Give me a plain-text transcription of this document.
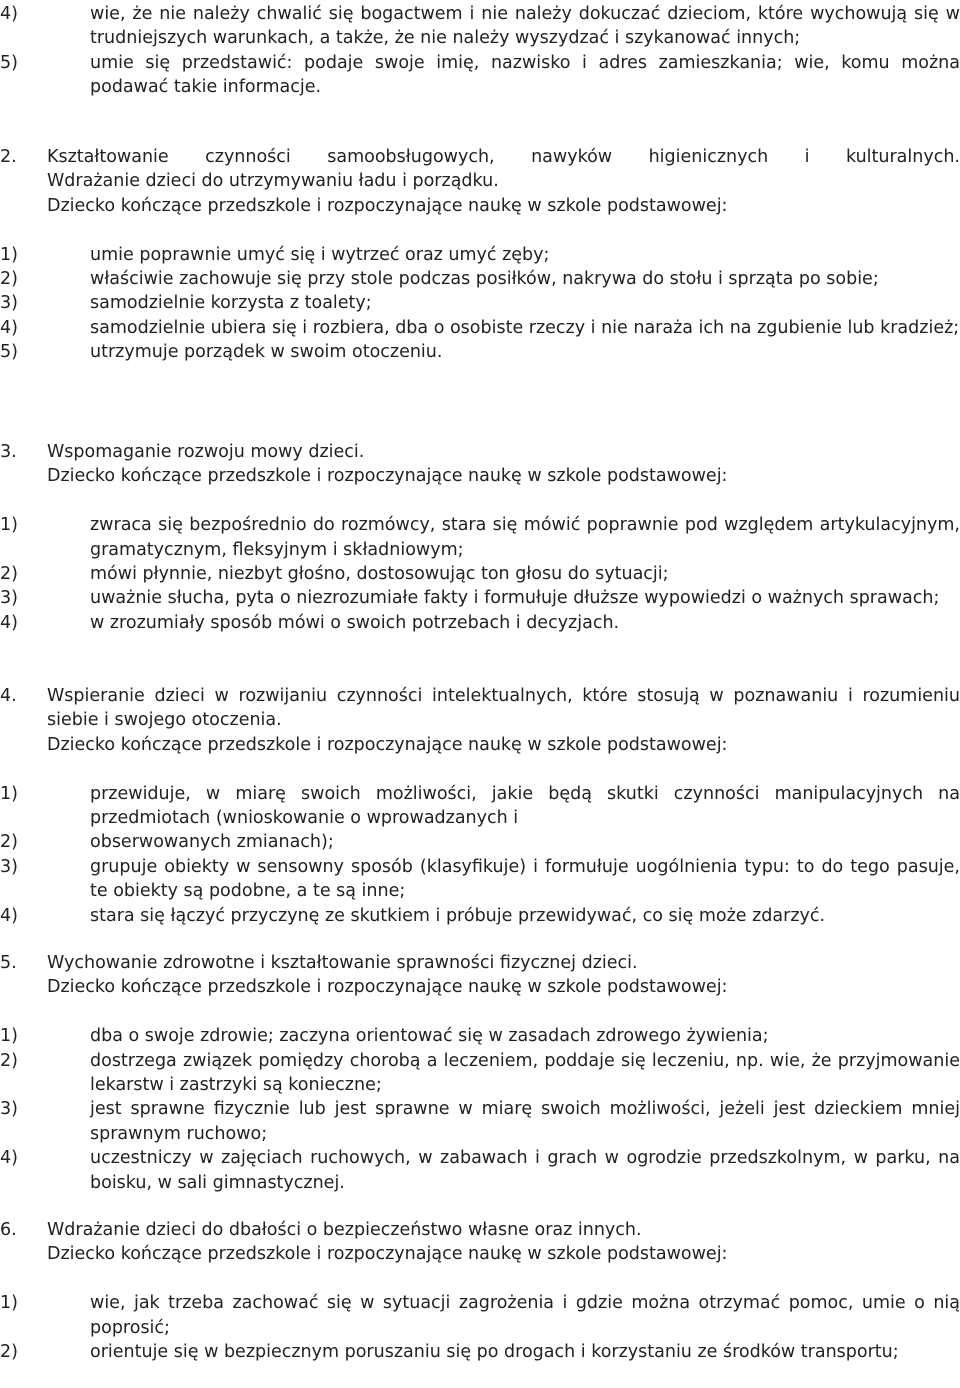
4)	wie, że nie należy chwalić się bogactwem i nie należy dokuczać dzieciom, które wychowują się w trudniejszych warunkach, a także, że nie należy wyszydzać i szykanować innych;
5)	umie się przedstawić: podaje swoje imię, nazwisko i adres zamieszkania; wie, komu można podawać takie informacje.
2. Kształtowanie czynności samoobsługowych, nawyków higienicznych i kulturalnych.
Wdrażanie dzieci do utrzymywaniu ładu i porządku.
Dziecko kończące przedszkole i rozpoczynające naukę w szkole podstawowej:
1)	umie poprawnie umyć się i wytrzeć oraz umyć zęby;
2)	właściwie zachowuje się przy stole podczas posiłków, nakrywa do stołu i sprząta po sobie;
3)	samodzielnie korzysta z toalety;
4)	samodzielnie ubiera się i rozbiera, dba o osobiste rzeczy i nie naraża ich na zgubienie lub kradzież;
5)	utrzymuje porządek w swoim otoczeniu.
3. Wspomaganie rozwoju mowy dzieci.
Dziecko kończące przedszkole i rozpoczynające naukę w szkole podstawowej:
1)	zwraca się bezpośrednio do rozmówcy, stara się mówić poprawnie pod względem artykulacyjnym, gramatycznym, fleksyjnym i składniowym;
2)	mówi płynnie, niezbyt głośno, dostosowując ton głosu do sytuacji;
3)	uważnie słucha, pyta o niezrozumiałe fakty i formułuje dłuższe wypowiedzi o ważnych sprawach;
4)	w zrozumiały sposób mówi o swoich potrzebach i decyzjach.
4. Wspieranie dzieci w rozwijaniu czynności intelektualnych, które stosują w poznawaniu i rozumieniu siebie i swojego otoczenia.
Dziecko kończące przedszkole i rozpoczynające naukę w szkole podstawowej:
1)	przewiduje, w miarę swoich możliwości, jakie będą skutki czynności manipulacyjnych na przedmiotach (wnioskowanie o wprowadzanych i
2)	obserwowanych zmianach);
3)	grupuje obiekty w sensowny sposób (klasyfikuje) i formułuje uogólnienia typu: to do tego pasuje, te obiekty są podobne, a te są inne;
4)	stara się łączyć przyczynę ze skutkiem i próbuje przewidywać, co się może zdarzyć.
5. Wychowanie zdrowotne i kształtowanie sprawności fizycznej dzieci.
Dziecko kończące przedszkole i rozpoczynające naukę w szkole podstawowej:
1)	dba o swoje zdrowie; zaczyna orientować się w zasadach zdrowego żywienia;
2)	dostrzega związek pomiędzy chorobą a leczeniem, poddaje się leczeniu, np. wie, że przyjmowanie lekarstw i zastrzyki są konieczne;
3)	jest sprawne fizycznie lub jest sprawne w miarę swoich możliwości, jeżeli jest dzieckiem mniej sprawnym ruchowo;
4)	uczestniczy w zajęciach ruchowych, w zabawach i grach w ogrodzie przedszkolnym, w parku, na boisku, w sali gimnastycznej.
6. Wdrażanie dzieci do dbałości o bezpieczeństwo własne oraz innych.
Dziecko kończące przedszkole i rozpoczynające naukę w szkole podstawowej:
1)	wie, jak trzeba zachować się w sytuacji zagrożenia i gdzie można otrzymać pomoc, umie o nią poprosić;
2)	orientuje się w bezpiecznym poruszaniu się po drogach i korzystaniu ze środków transportu;
